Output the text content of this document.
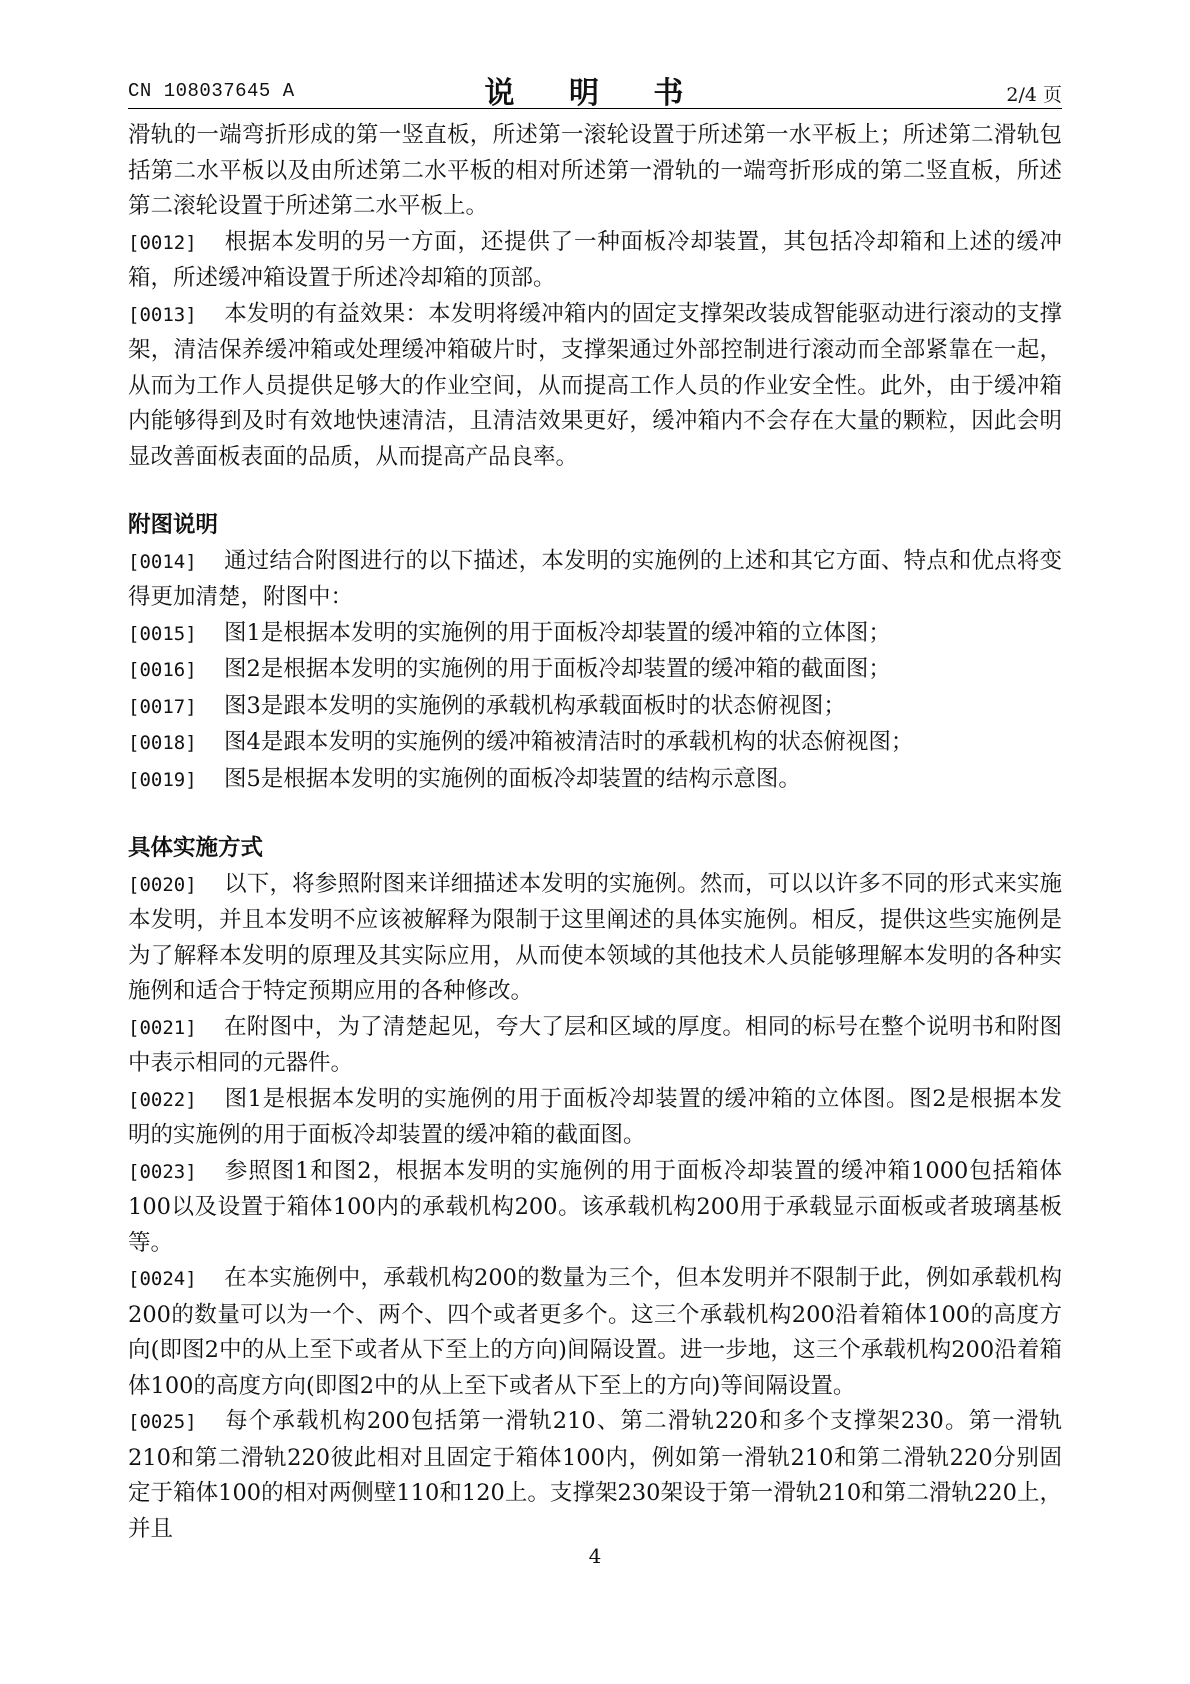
CN 108037645 A	说 明 书	2/4 页

滑轨的一端弯折形成的第一竖直板，所述第一滚轮设置于所述第一水平板上；所述第二滑轨包括第二水平板以及由所述第二水平板的相对所述第一滑轨的一端弯折形成的第二竖直板，所述第二滚轮设置于所述第二水平板上。

[0012] 根据本发明的另一方面，还提供了一种面板冷却装置，其包括冷却箱和上述的缓冲箱，所述缓冲箱设置于所述冷却箱的顶部。

[0013] 本发明的有益效果：本发明将缓冲箱内的固定支撑架改装成智能驱动进行滚动的支撑架，清洁保养缓冲箱或处理缓冲箱破片时，支撑架通过外部控制进行滚动而全部紧靠在一起，从而为工作人员提供足够大的作业空间，从而提高工作人员的作业安全性。此外，由于缓冲箱内能够得到及时有效地快速清洁，且清洁效果更好，缓冲箱内不会存在大量的颗粒，因此会明显改善面板表面的品质，从而提高产品良率。

附图说明

[0014] 通过结合附图进行的以下描述，本发明的实施例的上述和其它方面、特点和优点将变得更加清楚，附图中：

[0015] 图1是根据本发明的实施例的用于面板冷却装置的缓冲箱的立体图；

[0016] 图2是根据本发明的实施例的用于面板冷却装置的缓冲箱的截面图；

[0017] 图3是跟本发明的实施例的承载机构承载面板时的状态俯视图；

[0018] 图4是跟本发明的实施例的缓冲箱被清洁时的承载机构的状态俯视图；

[0019] 图5是根据本发明的实施例的面板冷却装置的结构示意图。

具体实施方式

[0020] 以下，将参照附图来详细描述本发明的实施例。然而，可以以许多不同的形式来实施本发明，并且本发明不应该被解释为限制于这里阐述的具体实施例。相反，提供这些实施例是为了解释本发明的原理及其实际应用，从而使本领域的其他技术人员能够理解本发明的各种实施例和适合于特定预期应用的各种修改。

[0021] 在附图中，为了清楚起见，夸大了层和区域的厚度。相同的标号在整个说明书和附图中表示相同的元器件。

[0022] 图1是根据本发明的实施例的用于面板冷却装置的缓冲箱的立体图。图2是根据本发明的实施例的用于面板冷却装置的缓冲箱的截面图。

[0023] 参照图1和图2，根据本发明的实施例的用于面板冷却装置的缓冲箱1000包括箱体100以及设置于箱体100内的承载机构200。该承载机构200用于承载显示面板或者玻璃基板等。

[0024] 在本实施例中，承载机构200的数量为三个，但本发明并不限制于此，例如承载机构200的数量可以为一个、两个、四个或者更多个。这三个承载机构200沿着箱体100的高度方向(即图2中的从上至下或者从下至上的方向)间隔设置。进一步地，这三个承载机构200沿着箱体100的高度方向(即图2中的从上至下或者从下至上的方向)等间隔设置。

[0025] 每个承载机构200包括第一滑轨210、第二滑轨220和多个支撑架230。第一滑轨210和第二滑轨220彼此相对且固定于箱体100内，例如第一滑轨210和第二滑轨220分别固定于箱体100的相对两侧壁110和120上。支撑架230架设于第一滑轨210和第二滑轨220上，并且

4
